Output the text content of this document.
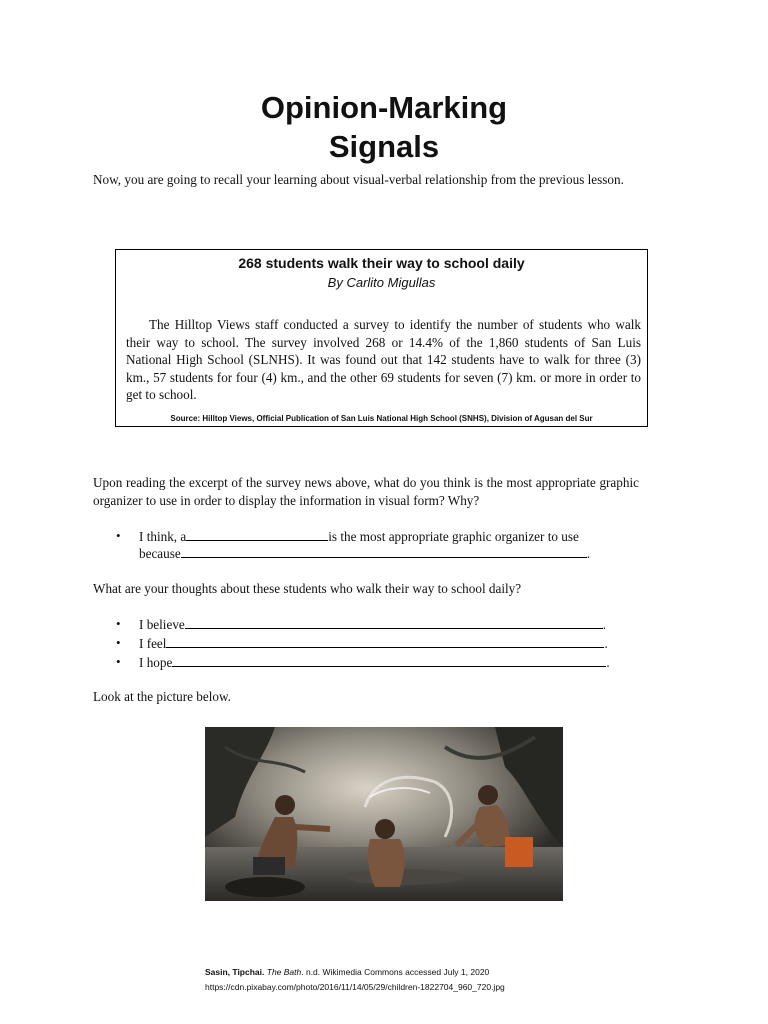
Opinion-Marking
Signals
Now, you are going to recall your learning about visual-verbal relationship from the previous lesson.
268 students walk their way to school daily
By Carlito Migullas
The Hilltop Views staff conducted a survey to identify the number of students who walk their way to school. The survey involved 268 or 14.4% of the 1,860 students of San Luis National High School (SLNHS). It was found out that 142 students have to walk for three (3) km., 57 students for four (4) km., and the other 69 students for seven (7) km. or more in order to get to school.
Source: Hilltop Views, Official Publication of San Luis National High School (SNHS), Division of Agusan del Sur
Upon reading the excerpt of the survey news above, what do you think is the most appropriate graphic organizer to use in order to display the information in visual form? Why?
• I think, a	is the most appropriate graphic organizer to use
because	.
What are your thoughts about these students who walk their way to school daily?
• I believe	.
• I feel	.
• I hope	.
Look at the picture below.
Sasin, Tipchai. The Bath. n.d. Wikimedia Commons accessed July 1, 2020
https://cdn.pixabay.com/photo/2016/11/14/05/29/children-1822704_960_720.jpg
